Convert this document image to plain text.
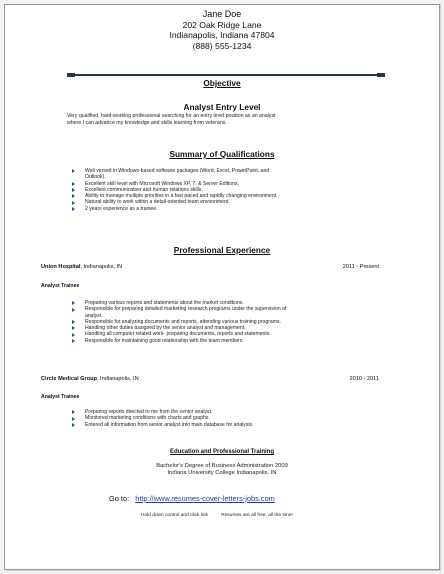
Jane Doe
202 Oak Ridge Lane
Indianapolis, Indiana 47804
(888) 555-1234
Objective
Analyst Entry Level
Very qualified, hard-working professional searching for an entry level position as an analyst
where I can advance my knowledge and skills learning from veterans.
Summary of Qualifications
Well versed in Windows-based software packages (Word, Excel, PowerPoint, and
Outlook).
Excellent skill level with Microsoft Windows XP, 7, & Server Editions.
Excellent communication and human relations skills.
Ability to manage multiple priorities in a fast paced and rapidly changing environment.
Natural ability to work within a detail-oriented team environment.
2 years experience as a trainee.
Professional Experience
Union Hospital, Indianapolis, IN	2011 - Present
Analyst Trainee
Preparing various reports and statements about the market conditions.
Responsible for preparing detailed marketing research programs under the supervision of
analyst.
Responsible for analyzing documents and reports, attending various training programs.
Handling other duties assigned by the senior analyst and management.
Handling all computer related work- preparing documents, reports and statements.
Responsible for maintaining good relationship with the team members.
Circle Medical Group, Indianapolis, IN	2010 - 2011
Analyst Trainee
Preparing reports directed to me from the senior analyst.
Monitored marketing conditions with charts and graphs.
Entered all information from senior analyst into main database for analysis.
Education and Professional Training
Bachelor's Degree of Business Administration 2009
Indiana University College Indianapolis, IN
Go to: http://www.resumes-cover-letters-jobs.com
Hold down control and click link	Resumes are all free, all the time!
